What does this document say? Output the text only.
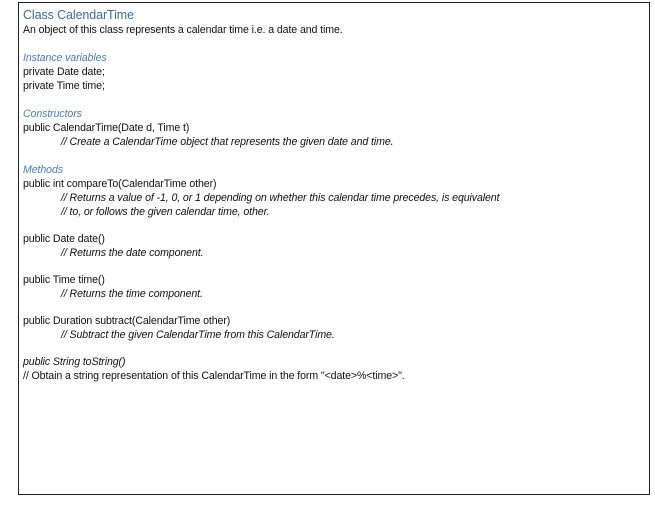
Class CalendarTime
An object of this class represents a calendar time i.e. a date and time.
Instance variables
private Date date;
private Time time;
Constructors
public CalendarTime(Date d, Time t)
// Create a CalendarTime object that represents the given date and time.
Methods
public int compareTo(CalendarTime other)
// Returns a value of -1, 0, or 1 depending on whether this calendar time precedes, is equivalent
// to, or follows the given calendar time, other.
public Date date()
// Returns the date component.
public Time time()
// Returns the time component.
public Duration subtract(CalendarTime other)
// Subtract the given CalendarTime from this CalendarTime.
public String toString()
// Obtain a string representation of this CalendarTime in the form "<date>%<time>".
